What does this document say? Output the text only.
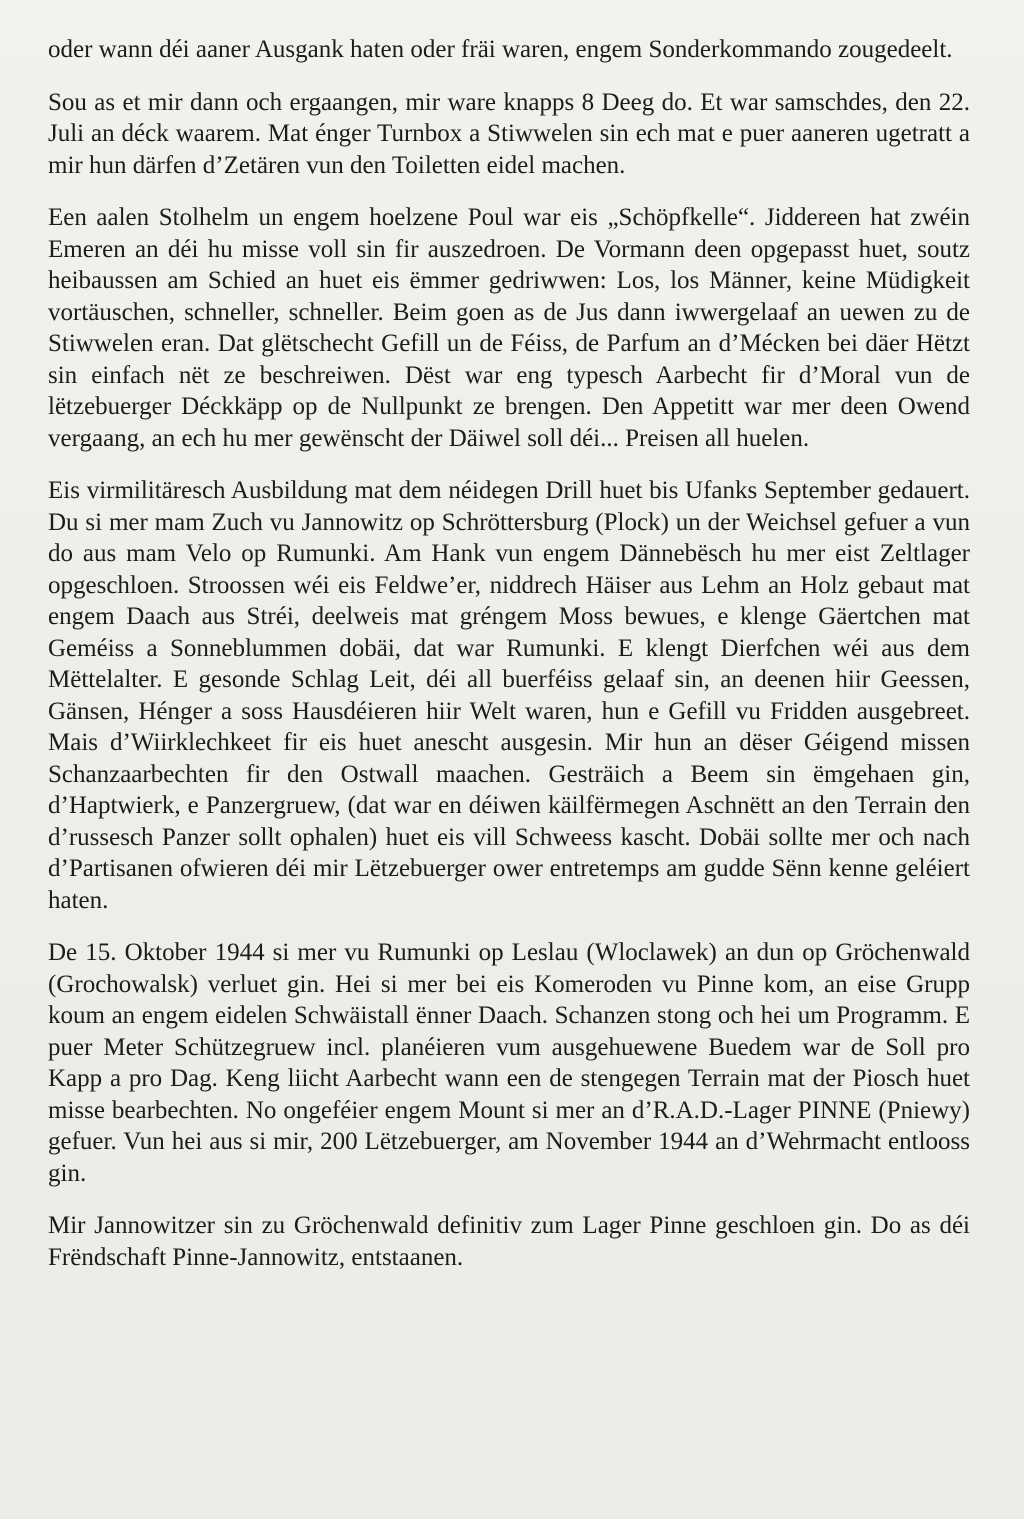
oder wann déi aaner Ausgank haten oder fräi waren, engem Sonderkommando zougedeelt.

Sou as et mir dann och ergaangen, mir ware knapps 8 Deeg do. Et war samschdes, den 22. Juli an déck waarem. Mat énger Turnbox a Stiwwelen sin ech mat e puer aaneren ugetratt a mir hun därfen d’Zetären vun den Toiletten eidel machen.

Een aalen Stolhelm un engem hoelzene Poul war eis „Schöpfkelle“. Jiddereen hat zwéin Emeren an déi hu misse voll sin fir auszedroen. De Vormann deen opgepasst huet, soutz heibaussen am Schied an huet eis ëmmer gedriwwen: Los, los Männer, keine Müdigkeit vortäuschen, schneller, schneller. Beim goen as de Jus dann iwwergelaaf an uewen zu de Stiwwelen eran. Dat glëtschecht Gefill un de Féiss, de Parfum an d’Mécken bei däer Hëtzt sin einfach nët ze beschreiwen. Dëst war eng typesch Aarbecht fir d’Moral vun de lëtzebuerger Déckkäpp op de Nullpunkt ze brengen. Den Appetitt war mer deen Owend vergaang, an ech hu mer gewënscht der Däiwel soll déi... Preisen all huelen.

Eis virmilitäresch Ausbildung mat dem néidegen Drill huet bis Ufanks September gedauert. Du si mer mam Zuch vu Jannowitz op Schröttersburg (Plock) un der Weichsel gefuer a vun do aus mam Velo op Rumunki. Am Hank vun engem Dännebësch hu mer eist Zeltlager opgeschloen. Stroossen wéi eis Feldwe’er, niddrech Häiser aus Lehm an Holz gebaut mat engem Daach aus Stréi, deelweis mat gréngem Moss bewues, e klenge Gäertchen mat Geméiss a Sonneblummen dobäi, dat war Rumunki. E klengt Dierfchen wéi aus dem Mëttelalter. E gesonde Schlag Leit, déi all buerféiss gelaaf sin, an deenen hiir Geessen, Gänsen, Hénger a soss Hausdéieren hiir Welt waren, hun e Gefill vu Fridden ausgebreet. Mais d’Wiirklechkeet fir eis huet anescht ausgesin. Mir hun an dëser Géigend missen Schanzaarbechten fir den Ostwall maachen. Gesträich a Beem sin ëmgehaen gin, d’Haptwierk, e Panzergruew, (dat war en déiwen käilfërmegen Aschnëtt an den Terrain den d’russesch Panzer sollt ophalen) huet eis vill Schweess kascht. Dobäi sollte mer och nach d’Partisanen ofwieren déi mir Lëtzebuerger ower entretemps am gudde Sënn kenne geléiert haten.

De 15. Oktober 1944 si mer vu Rumunki op Leslau (Wloclawek) an dun op Gröchenwald (Grochowalsk) verluet gin. Hei si mer bei eis Komeroden vu Pinne kom, an eise Grupp koum an engem eidelen Schwäistall ënner Daach. Schanzen stong och hei um Programm. E puer Meter Schützegruew incl. planéieren vum ausgehuewene Buedem war de Soll pro Kapp a pro Dag. Keng liicht Aarbecht wann een de stengegen Terrain mat der Piosch huet misse bearbechten. No ongeféier engem Mount si mer an d’R.A.D.-Lager PINNE (Pniewy) gefuer. Vun hei aus si mir, 200 Lëtzebuerger, am November 1944 an d’Wehrmacht entlooss gin.

Mir Jannowitzer sin zu Gröchenwald definitiv zum Lager Pinne geschloen gin. Do as déi Frëndschaft Pinne-Jannowitz, entstaanen.
